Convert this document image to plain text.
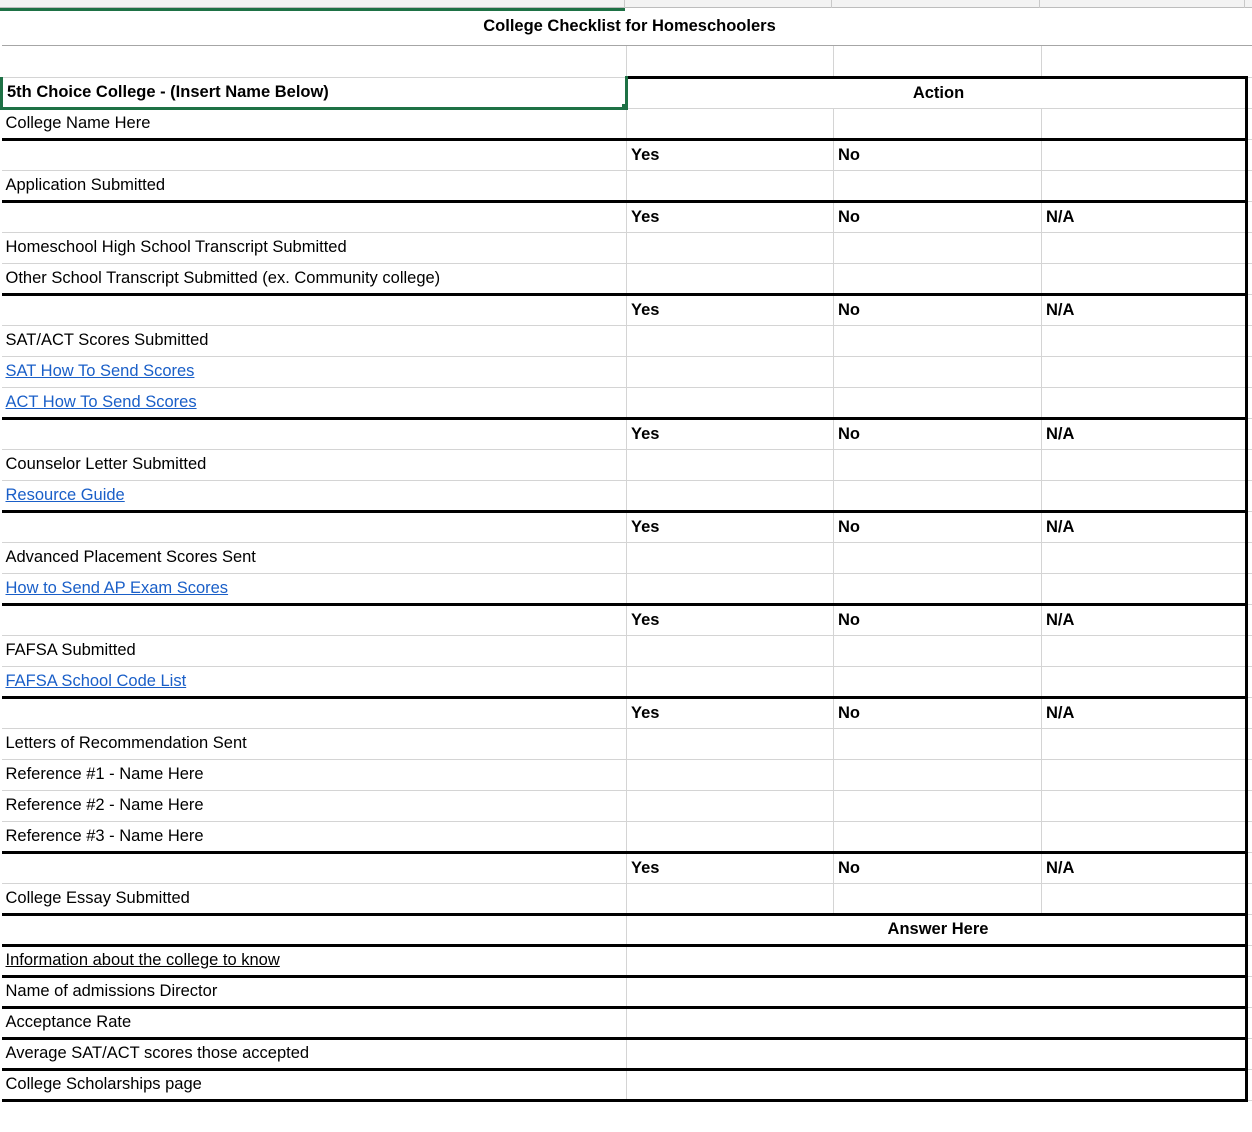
College Checklist for Homeschoolers				

5th Choice College - (Insert Name Below)	Action			
College Name Here				
	Yes	No		
Application Submitted				
	Yes	No	N/A	
Homeschool High School Transcript Submitted				
Other School Transcript Submitted (ex. Community college)				
	Yes	No	N/A	
SAT/ACT Scores Submitted				
SAT How To Send Scores				
ACT How To Send Scores				
	Yes	No	N/A	
Counselor Letter Submitted				
Resource Guide				
	Yes	No	N/A	
Advanced Placement Scores Sent				
How to Send AP Exam Scores				
	Yes	No	N/A	
FAFSA Submitted				
FAFSA School Code List				
	Yes	No	N/A	
Letters of Recommendation Sent				
Reference #1 - Name Here				
Reference #2 - Name Here				
Reference #3 - Name Here				
	Yes	No	N/A	
College Essay Submitted				
	Answer Here			
Information about the college to know				
Name of admissions Director				
Acceptance Rate				
Average SAT/ACT scores those accepted				
College Scholarships page				
